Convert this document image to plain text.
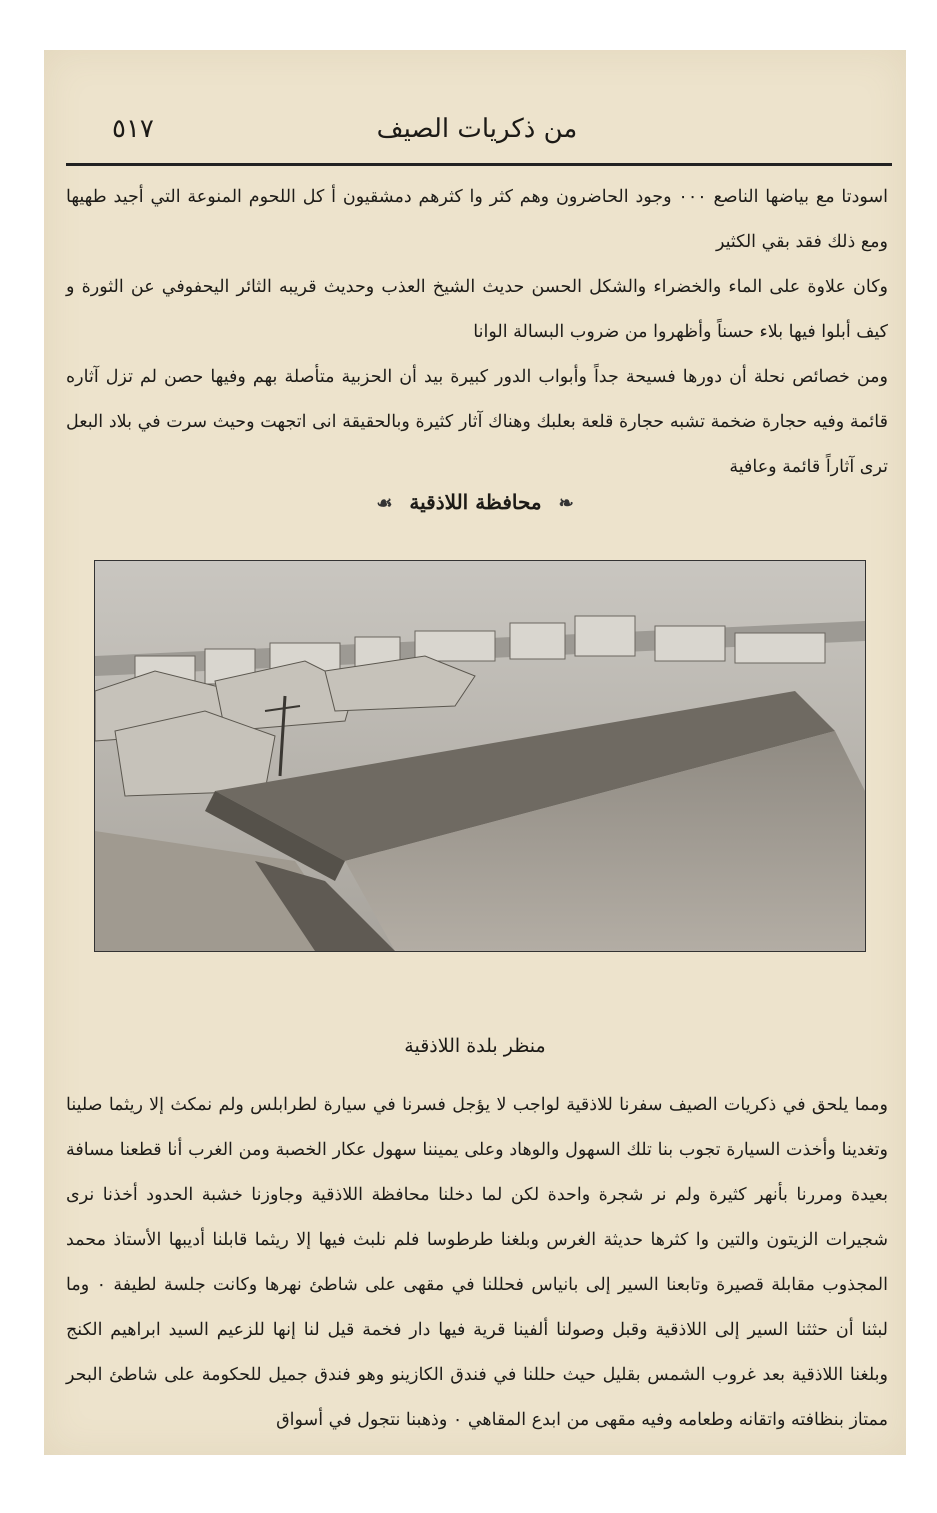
٥١٧	من ذكريات الصيف

اسودتا مع بياضها الناصع ٠٠٠ وجود الحاضرون وهم كثر وا كثرهم دمشقيون أ كل اللحوم المنوعة التي أجيد طهيها ومع ذلك فقد بقي الكثير

وكان علاوة على الماء والخضراء والشكل الحسن حديث الشيخ العذب وحديث قريبه الثائر اليحفوفي عن الثورة و كيف أبلوا فيها بلاء حسناً وأظهروا من ضروب البسالة الوانا

ومن خصائص نحلة أن دورها فسيحة جداً وأبواب الدور كبيرة بيد أن الحزبية متأصلة بهم وفيها حصن لم تزل آثاره قائمة وفيه حجارة ضخمة تشبه حجارة قلعة بعلبك وهناك آثار كثيرة وبالحقيقة انى اتجهت وحيث سرت في بلاد البعل ترى آثاراً قائمة وعافية

❧ محافظة اللاذقية ☙
منظر بلدة اللاذقية

ومما يلحق في ذكريات الصيف سفرنا للاذقية لواجب لا يؤجل فسرنا في سيارة لطرابلس ولم نمكث إلا ريثما صلينا وتغدينا وأخذت السيارة تجوب بنا تلك السهول والوهاد وعلى يميننا سهول عكار الخصبة ومن الغرب أنا قطعنا مسافة بعيدة ومررنا بأنهر كثيرة ولم نر شجرة واحدة لكن لما دخلنا محافظة اللاذقية وجاوزنا خشبة الحدود أخذنا نرى شجيرات الزيتون والتين وا كثرها حديثة الغرس وبلغنا طرطوسا فلم نلبث فيها إلا ريثما قابلنا أديبها الأستاذ محمد المجذوب مقابلة قصيرة وتابعنا السير إلى بانياس فحللنا في مقهى على شاطئ نهرها وكانت جلسة لطيفة ٠ وما لبثنا أن حثثنا السير إلى اللاذقية وقبل وصولنا ألفينا قرية فيها دار فخمة قيل لنا إنها للزعيم السيد ابراهيم الكنج وبلغنا اللاذقية بعد غروب الشمس بقليل حيث حللنا في فندق الكازينو وهو فندق جميل للحكومة على شاطئ البحر ممتاز بنظافته واتقانه وطعامه وفيه مقهى من ابدع المقاهي ٠ وذهبنا نتجول في أسواق
